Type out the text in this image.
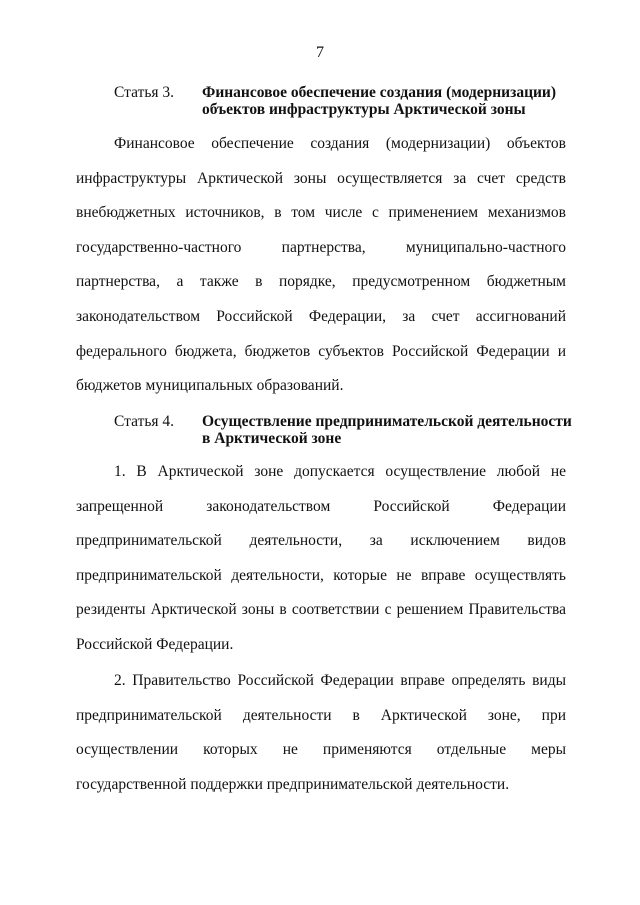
7
Статья 3. Финансовое обеспечение создания (модернизации) объектов инфраструктуры Арктической зоны

Финансовое обеспечение создания (модернизации) объектов инфраструктуры Арктической зоны осуществляется за счет средств внебюджетных источников, в том числе с применением механизмов государственно-частного партнерства, муниципально-частного партнерства, а также в порядке, предусмотренном бюджетным законодательством Российской Федерации, за счет ассигнований федерального бюджета, бюджетов субъектов Российской Федерации и бюджетов муниципальных образований.

Статья 4. Осуществление предпринимательской деятельности в Арктической зоне

1. В Арктической зоне допускается осуществление любой не запрещенной законодательством Российской Федерации предпринимательской деятельности, за исключением видов предпринимательской деятельности, которые не вправе осуществлять резиденты Арктической зоны в соответствии с решением Правительства Российской Федерации.

2. Правительство Российской Федерации вправе определять виды предпринимательской деятельности в Арктической зоне, при осуществлении которых не применяются отдельные меры государственной поддержки предпринимательской деятельности.
